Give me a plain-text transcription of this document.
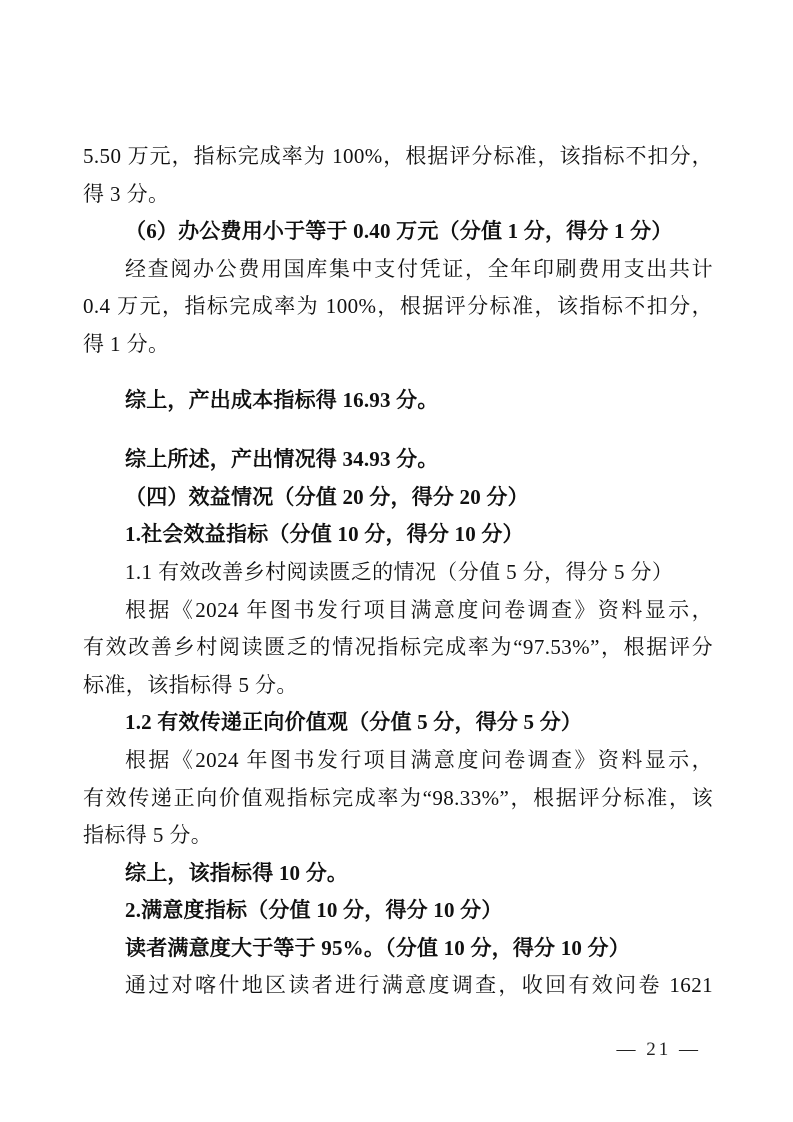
5.50 万元，指标完成率为 100%，根据评分标准，该指标不扣分，
得 3 分。
（6）办公费用小于等于 0.40 万元（分值 1 分，得分 1 分）
经查阅办公费用国库集中支付凭证，全年印刷费用支出共计
0.4 万元，指标完成率为 100%，根据评分标准，该指标不扣分，
得 1 分。
综上，产出成本指标得 16.93 分。
综上所述，产出情况得 34.93 分。
（四）效益情况（分值 20 分，得分 20 分）
1.社会效益指标（分值 10 分，得分 10 分）
1.1 有效改善乡村阅读匮乏的情况（分值 5 分，得分 5 分）
根据《2024 年图书发行项目满意度问卷调查》资料显示，
有效改善乡村阅读匮乏的情况指标完成率为“97.53%”，根据评分
标准，该指标得 5 分。
1.2 有效传递正向价值观（分值 5 分，得分 5 分）
根据《2024 年图书发行项目满意度问卷调查》资料显示，
有效传递正向价值观指标完成率为“98.33%”，根据评分标准，该
指标得 5 分。
综上，该指标得 10 分。
2.满意度指标（分值 10 分，得分 10 分）
读者满意度大于等于 95%。（分值 10 分，得分 10 分）
通过对喀什地区读者进行满意度调查，收回有效问卷 1621
— 21 —
